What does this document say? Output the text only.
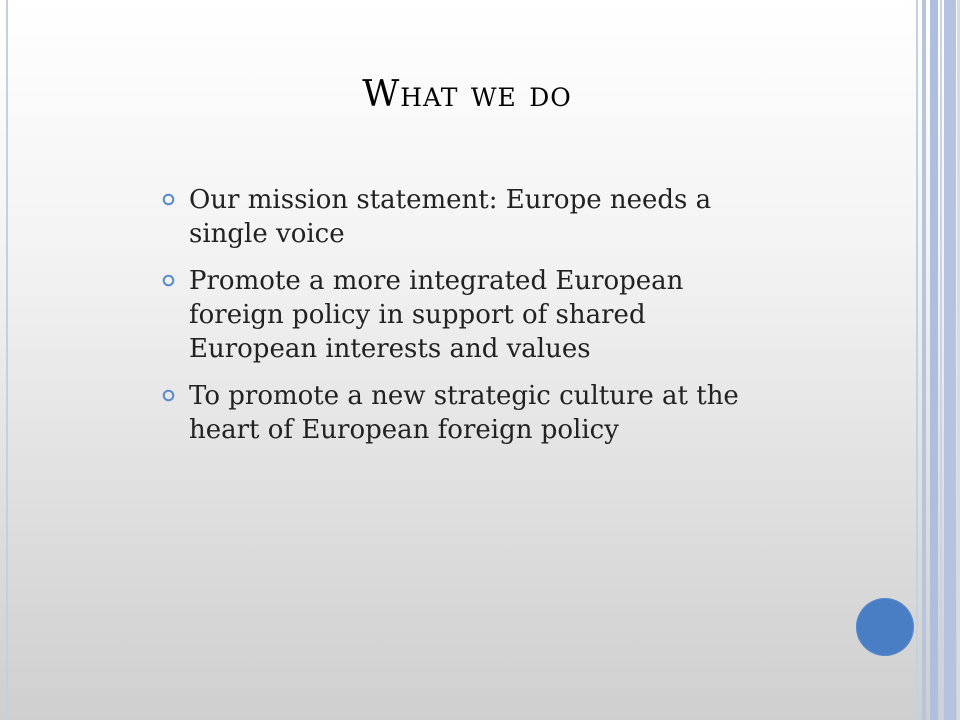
What we do
Our mission statement: Europe needs a single voice
Promote a more integrated European foreign policy in support of shared European interests and values
To promote a new strategic culture at the heart of European foreign policy
